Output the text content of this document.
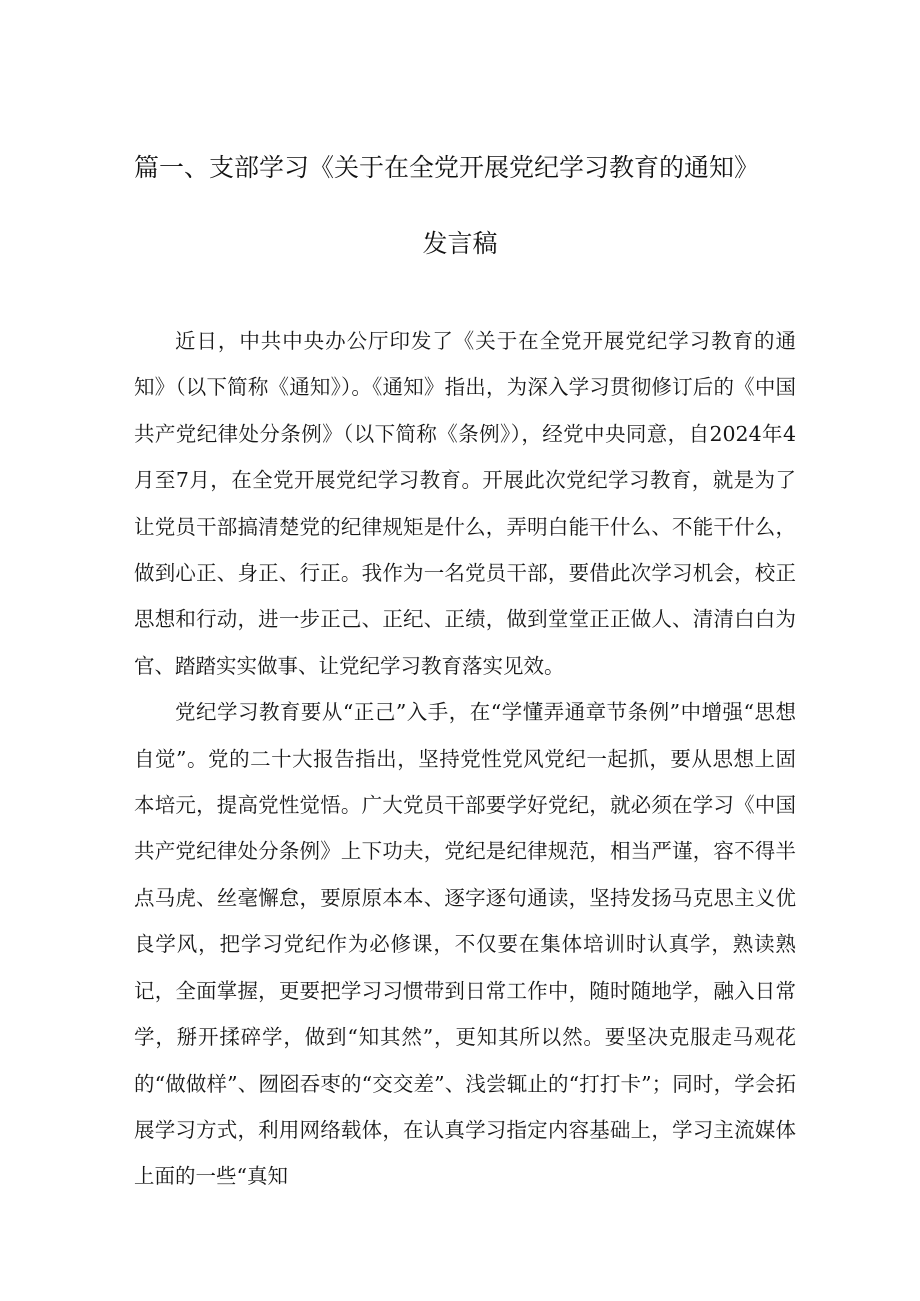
篇一、支部学习《关于在全党开展党纪学习教育的通知》
发言稿

近日，中共中央办公厅印发了《关于在全党开展党纪学习教育的通知》（以下简称《通知》）。《通知》指出，为深入学习贯彻修订后的《中国共产党纪律处分条例》（以下简称《条例》），经党中央同意，自2024年4月至7月，在全党开展党纪学习教育。开展此次党纪学习教育，就是为了让党员干部搞清楚党的纪律规矩是什么，弄明白能干什么、不能干什么，做到心正、身正、行正。我作为一名党员干部，要借此次学习机会，校正思想和行动，进一步正己、正纪、正绩，做到堂堂正正做人、清清白白为官、踏踏实实做事、让党纪学习教育落实见效。

党纪学习教育要从“正己”入手，在“学懂弄通章节条例”中增强“思想自觉”。党的二十大报告指出，坚持党性党风党纪一起抓，要从思想上固本培元，提高党性觉悟。广大党员干部要学好党纪，就必须在学习《中国共产党纪律处分条例》上下功夫，党纪是纪律规范，相当严谨，容不得半点马虎、丝毫懈怠，要原原本本、逐字逐句通读，坚持发扬马克思主义优良学风，把学习党纪作为必修课，不仅要在集体培训时认真学，熟读熟记，全面掌握，更要把学习习惯带到日常工作中，随时随地学，融入日常学，掰开揉碎学，做到“知其然”，更知其所以然。要坚决克服走马观花的“做做样”、囫囵吞枣的“交交差”、浅尝辄止的“打打卡”；同时，学会拓展学习方式，利用网络载体，在认真学习指定内容基础上，学习主流媒体上面的一些“真知
